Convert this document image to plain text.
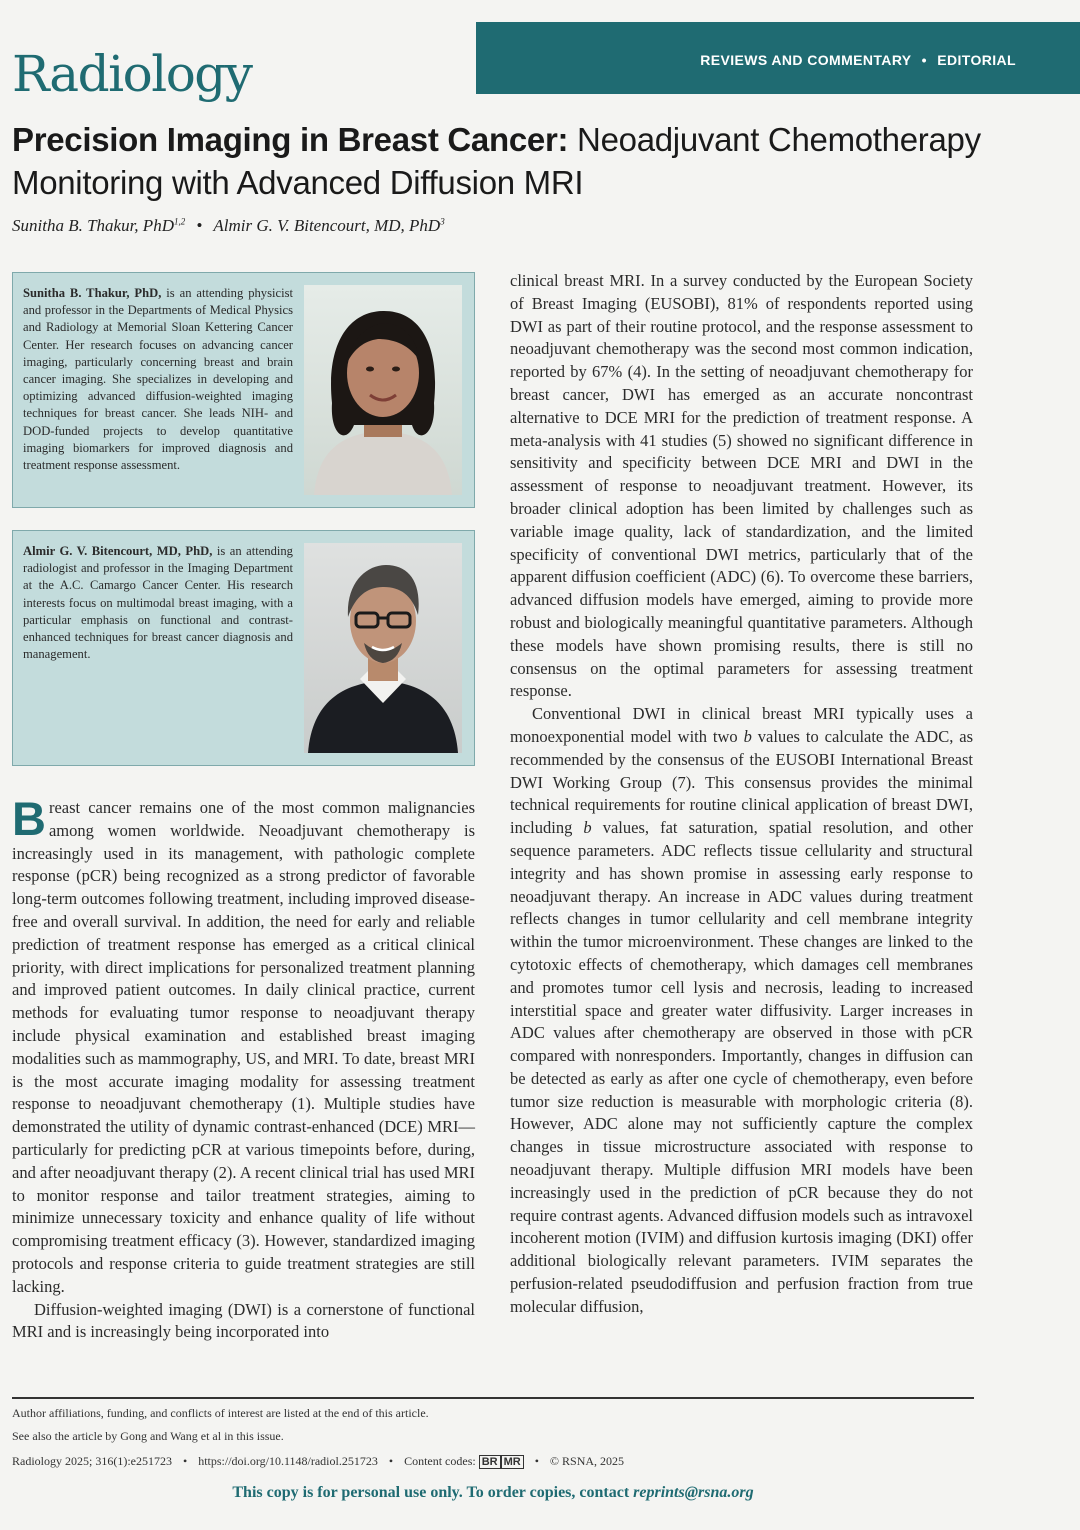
Radiology	REVIEWS AND COMMENTARY • EDITORIAL
Precision Imaging in Breast Cancer: Neoadjuvant Chemotherapy Monitoring with Advanced Diffusion MRI
Sunitha B. Thakur, PhD$^{1,2}$ • Almir G. V. Bitencourt, MD, PhD$^3$

Sunitha B. Thakur, PhD, is an attending physicist and professor in the Departments of Medical Physics and Radiology at Memorial Sloan Kettering Cancer Center. Her research focuses on advancing cancer imaging, particularly concerning breast and brain cancer imaging. She specializes in developing and optimizing advanced diffusion-weighted imaging techniques for breast cancer. She leads NIH- and DOD-funded projects to develop quantitative imaging biomarkers for improved diagnosis and treatment response assessment.

Almir G. V. Bitencourt, MD, PhD, is an attending radiologist and professor in the Imaging Department at the A.C. Camargo Cancer Center. His research interests focus on multimodal breast imaging, with a particular emphasis on functional and contrast-enhanced techniques for breast cancer diagnosis and management.

Breast cancer remains one of the most common malignancies among women worldwide. Neoadjuvant chemotherapy is increasingly used in its management, with pathologic complete response (pCR) being recognized as a strong predictor of favorable long-term outcomes following treatment, including improved disease-free and overall survival. In addition, the need for early and reliable prediction of treatment response has emerged as a critical clinical priority, with direct implications for personalized treatment planning and improved patient outcomes. In daily clinical practice, current methods for evaluating tumor response to neoadjuvant therapy include physical examination and established breast imaging modalities such as mammography, US, and MRI. To date, breast MRI is the most accurate imaging modality for assessing treatment response to neoadjuvant chemotherapy (1). Multiple studies have demonstrated the utility of dynamic contrast-enhanced (DCE) MRI—particularly for predicting pCR at various timepoints before, during, and after neoadjuvant therapy (2). A recent clinical trial has used MRI to monitor response and tailor treatment strategies, aiming to minimize unnecessary toxicity and enhance quality of life without compromising treatment efficacy (3). However, standardized imaging protocols and response criteria to guide treatment strategies are still lacking.

Diffusion-weighted imaging (DWI) is a cornerstone of functional MRI and is increasingly being incorporated into

clinical breast MRI. In a survey conducted by the European Society of Breast Imaging (EUSOBI), 81% of respondents reported using DWI as part of their routine protocol, and the response assessment to neoadjuvant chemotherapy was the second most common indication, reported by 67% (4). In the setting of neoadjuvant chemotherapy for breast cancer, DWI has emerged as an accurate noncontrast alternative to DCE MRI for the prediction of treatment response. A meta-analysis with 41 studies (5) showed no significant difference in sensitivity and specificity between DCE MRI and DWI in the assessment of response to neoadjuvant treatment. However, its broader clinical adoption has been limited by challenges such as variable image quality, lack of standardization, and the limited specificity of conventional DWI metrics, particularly that of the apparent diffusion coefficient (ADC) (6). To overcome these barriers, advanced diffusion models have emerged, aiming to provide more robust and biologically meaningful quantitative parameters. Although these models have shown promising results, there is still no consensus on the optimal parameters for assessing treatment response.

Conventional DWI in clinical breast MRI typically uses a monoexponential model with two b values to calculate the ADC, as recommended by the consensus of the EUSOBI International Breast DWI Working Group (7). This consensus provides the minimal technical requirements for routine clinical application of breast DWI, including b values, fat saturation, spatial resolution, and other sequence parameters. ADC reflects tissue cellularity and structural integrity and has shown promise in assessing early response to neoadjuvant therapy. An increase in ADC values during treatment reflects changes in tumor cellularity and cell membrane integrity within the tumor microenvironment. These changes are linked to the cytotoxic effects of chemotherapy, which damages cell membranes and promotes tumor cell lysis and necrosis, leading to increased interstitial space and greater water diffusivity. Larger increases in ADC values after chemotherapy are observed in those with pCR compared with nonresponders. Importantly, changes in diffusion can be detected as early as after one cycle of chemotherapy, even before tumor size reduction is measurable with morphologic criteria (8). However, ADC alone may not sufficiently capture the complex changes in tissue microstructure associated with response to neoadjuvant therapy. Multiple diffusion MRI models have been increasingly used in the prediction of pCR because they do not require contrast agents. Advanced diffusion models such as intravoxel incoherent motion (IVIM) and diffusion kurtosis imaging (DKI) offer additional biologically relevant parameters. IVIM separates the perfusion-related pseudodiffusion and perfusion fraction from true molecular diffusion,

Author affiliations, funding, and conflicts of interest are listed at the end of this article.

See also the article by Gong and Wang et al in this issue.

Radiology 2025; 316(1):e251723 • https://doi.org/10.1148/radiol.251723 • Content codes: BR MR • © RSNA, 2025

This copy is for personal use only. To order copies, contact reprints@rsna.org
